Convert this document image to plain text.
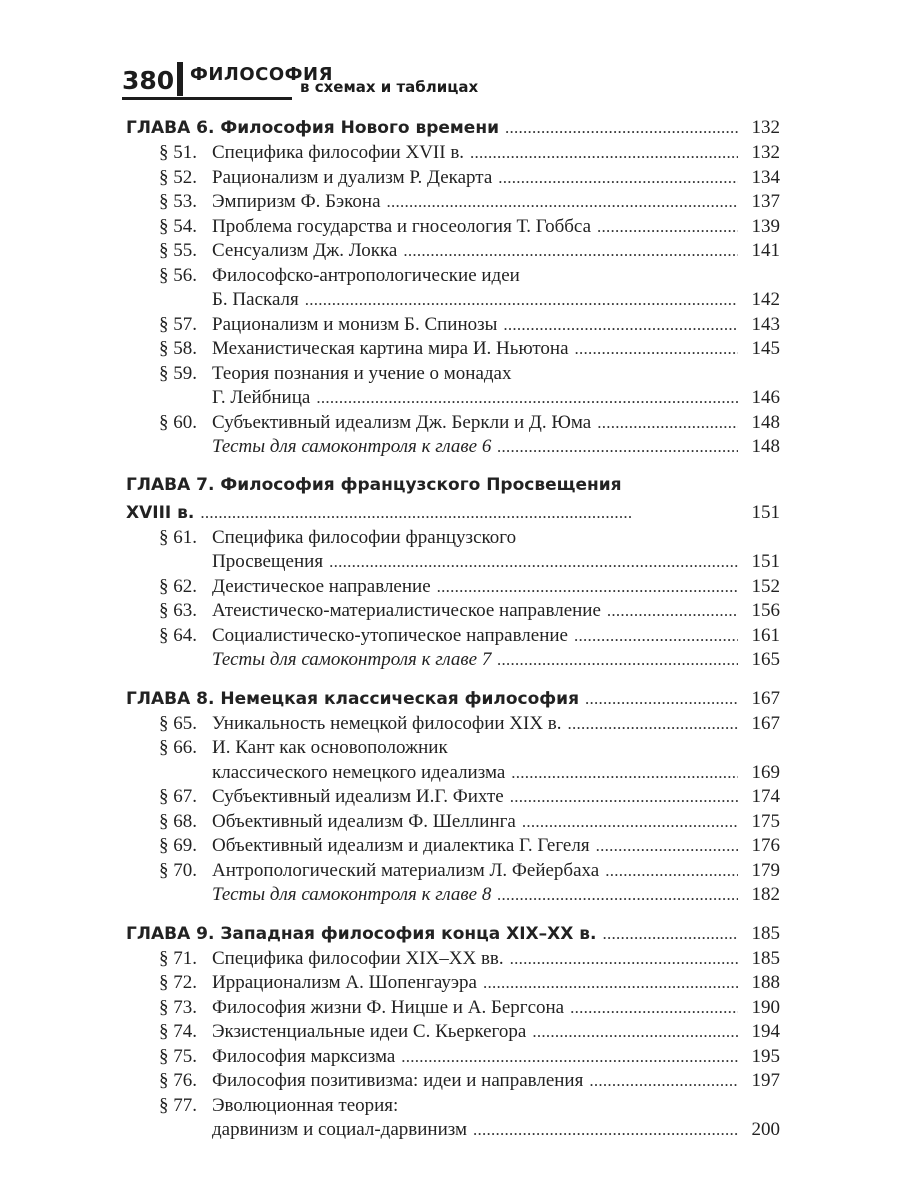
380 ФИЛОСОФИЯ
в схемах и таблицах
ГЛАВА 6. Философия Нового времени . . .	132
§ 51. Специфика философии XVII в. . . .	132
§ 52. Рационализм и дуализм Р. Декарта . . .	134
§ 53. Эмпиризм Ф. Бэкона . . .	137
§ 54. Проблема государства и гносеология Т. Гоббса . . .	139
§ 55. Сенсуализм Дж. Локка . . .	141
§ 56. Философско-антропологические идеи
Б. Паскаля . . .	142
§ 57. Рационализм и монизм Б. Спинозы . . .	143
§ 58. Механистическая картина мира И. Ньютона . . .	145
§ 59. Теория познания и учение о монадах
Г. Лейбница . . .	146
§ 60. Субъективный идеализм Дж. Беркли и Д. Юма . . .	148
Тесты для самоконтроля к главе 6 . . .	148
ГЛАВА 7. Философия французского Просвещения
XVIII в. . . .	151
§ 61. Специфика философии французского
Просвещения . . .	151
§ 62. Деистическое направление . . .	152
§ 63. Атеистическо-материалистическое направление . . .	156
§ 64. Социалистическо-утопическое направление . . .	161
Тесты для самоконтроля к главе 7 . . .	165
ГЛАВА 8. Немецкая классическая философия . . .	167
§ 65. Уникальность немецкой философии XIX в. . . .	167
§ 66. И. Кант как основоположник
классического немецкого идеализма . . .	169
§ 67. Субъективный идеализм И.Г. Фихте . . .	174
§ 68. Объективный идеализм Ф. Шеллинга . . .	175
§ 69. Объективный идеализм и диалектика Г. Гегеля . . .	176
§ 70. Антропологический материализм Л. Фейербаха . . .	179
Тесты для самоконтроля к главе 8 . . .	182
ГЛАВА 9. Западная философия конца XIX–XX в. . . .	185
§ 71. Специфика философии XIX–XX вв. . . .	185
§ 72. Иррационализм А. Шопенгауэра . . .	188
§ 73. Философия жизни Ф. Ницше и А. Бергсона . . .	190
§ 74. Экзистенциальные идеи С. Кьеркегора . . .	194
§ 75. Философия марксизма . . .	195
§ 76. Философия позитивизма: идеи и направления . . .	197
§ 77. Эволюционная теория:
дарвинизм и социал-дарвинизм . . .	200
